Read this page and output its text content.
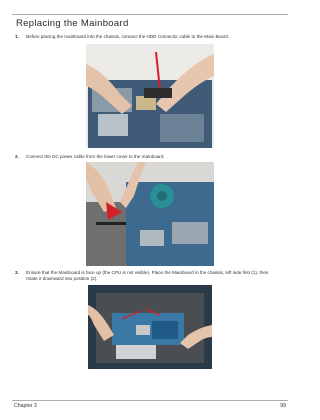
Replacing the Mainboard
1. Before placing the mainboard into the chassis, connect the HDD connector cable to the Main Board.
2. Connect the DC power cable from the lower cover to the mainboard.
3. Ensure that the Mainboard is face up (the CPU is not visible). Place the Mainboard in the chassis, left side first (1), then rotate it downward into position (2).
Chapter 3	99
